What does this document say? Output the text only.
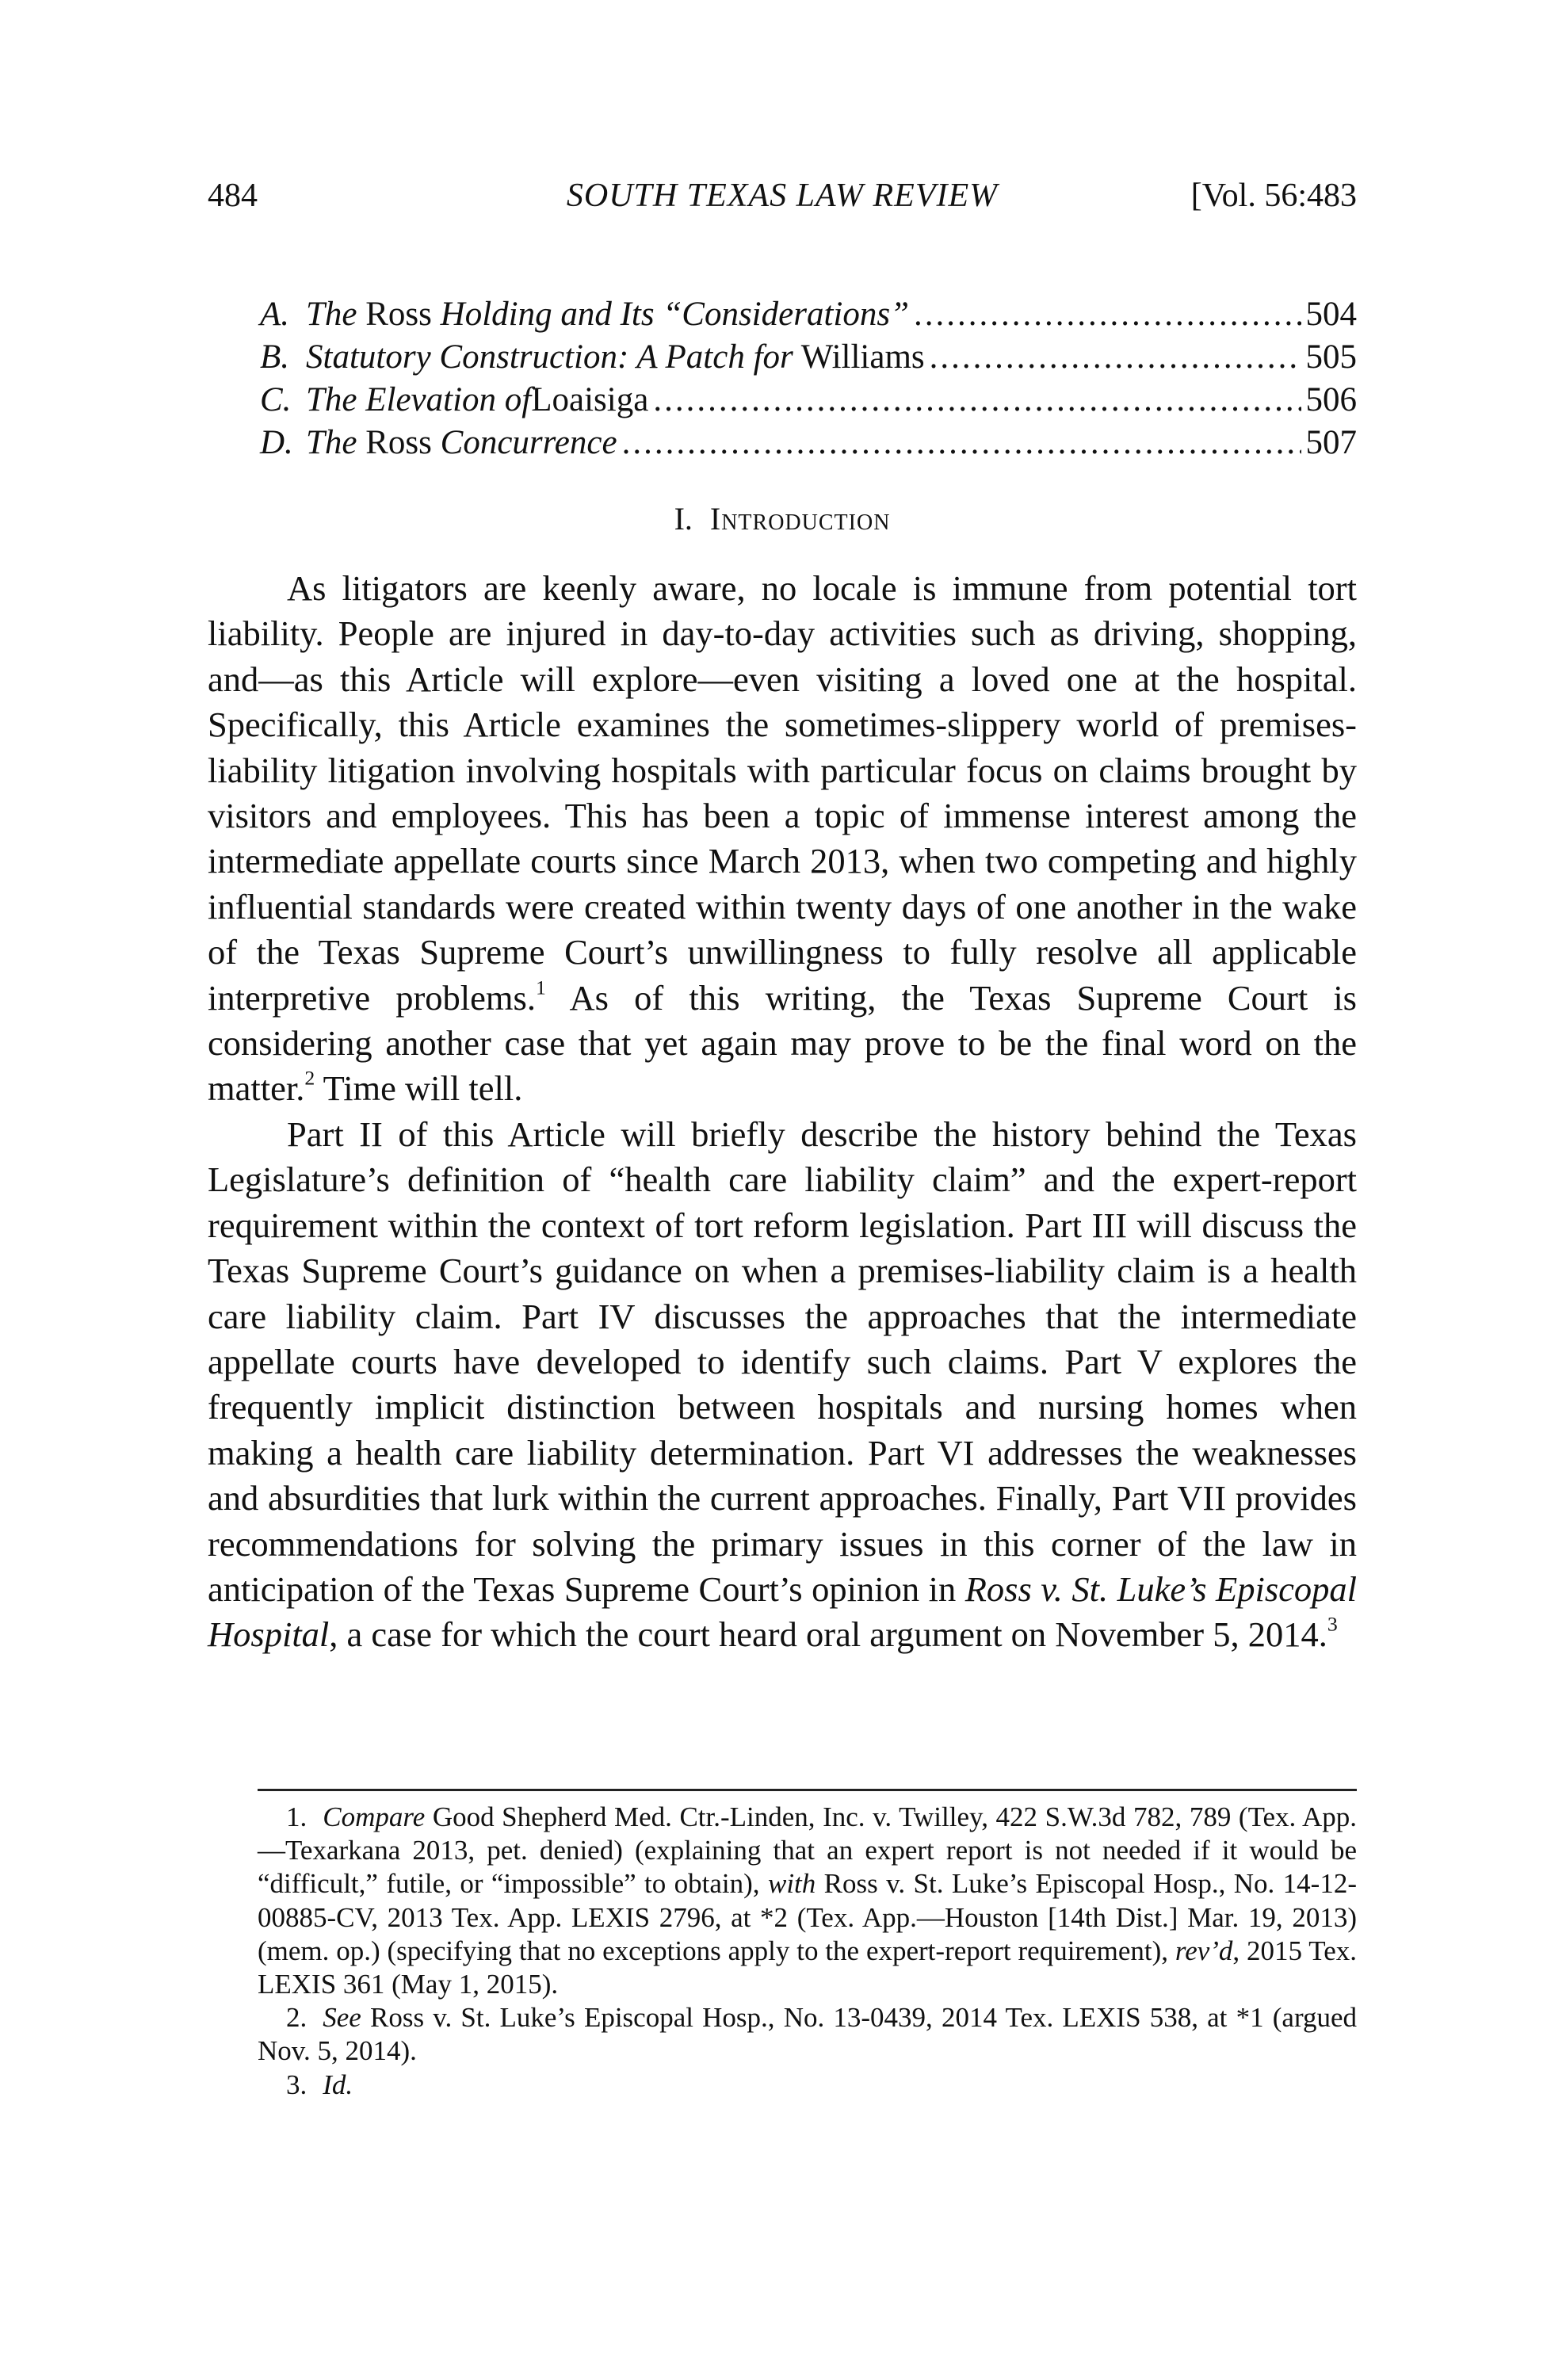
484	SOUTH TEXAS LAW REVIEW	[Vol. 56:483
A. The Ross Holding and Its “Considerations” .....	504
B. Statutory Construction: A Patch for Williams .....	505
C. The Elevation ofLoaisiga .....	506
D. The Ross Concurrence .....	507
I. Introduction

As litigators are keenly aware, no locale is immune from potential tort liability. People are injured in day-to-day activities such as driving, shopping, and—as this Article will explore—even visiting a loved one at the hospital. Specifically, this Article examines the sometimes-slippery world of premises-liability litigation involving hospitals with particular focus on claims brought by visitors and employees. This has been a topic of immense interest among the intermediate appellate courts since March 2013, when two competing and highly influential standards were created within twenty days of one another in the wake of the Texas Supreme Court’s unwillingness to fully resolve all applicable interpretive problems.$^1$ As of this writing, the Texas Supreme Court is considering another case that yet again may prove to be the final word on the matter.$^2$ Time will tell.

Part II of this Article will briefly describe the history behind the Texas Legislature’s definition of “health care liability claim” and the expert-report requirement within the context of tort reform legislation. Part III will discuss the Texas Supreme Court’s guidance on when a premises-liability claim is a health care liability claim. Part IV discusses the approaches that the intermediate appellate courts have developed to identify such claims. Part V explores the frequently implicit distinction between hospitals and nursing homes when making a health care liability determination. Part VI addresses the weaknesses and absurdities that lurk within the current approaches. Finally, Part VII provides recommendations for solving the primary issues in this corner of the law in anticipation of the Texas Supreme Court’s opinion in Ross v. St. Luke’s Episcopal Hospital, a case for which the court heard oral argument on November 5, 2014.$^3$

1. Compare Good Shepherd Med. Ctr.-Linden, Inc. v. Twilley, 422 S.W.3d 782, 789 (Tex. App.—Texarkana 2013, pet. denied) (explaining that an expert report is not needed if it would be “difficult,” futile, or “impossible” to obtain), with Ross v. St. Luke’s Episcopal Hosp., No. 14-12-00885-CV, 2013 Tex. App. LEXIS 2796, at *2 (Tex. App.—Houston [14th Dist.] Mar. 19, 2013) (mem. op.) (specifying that no exceptions apply to the expert-report requirement), rev’d, 2015 Tex. LEXIS 361 (May 1, 2015).

2. See Ross v. St. Luke’s Episcopal Hosp., No. 13-0439, 2014 Tex. LEXIS 538, at *1 (argued Nov. 5, 2014).

3. Id.
